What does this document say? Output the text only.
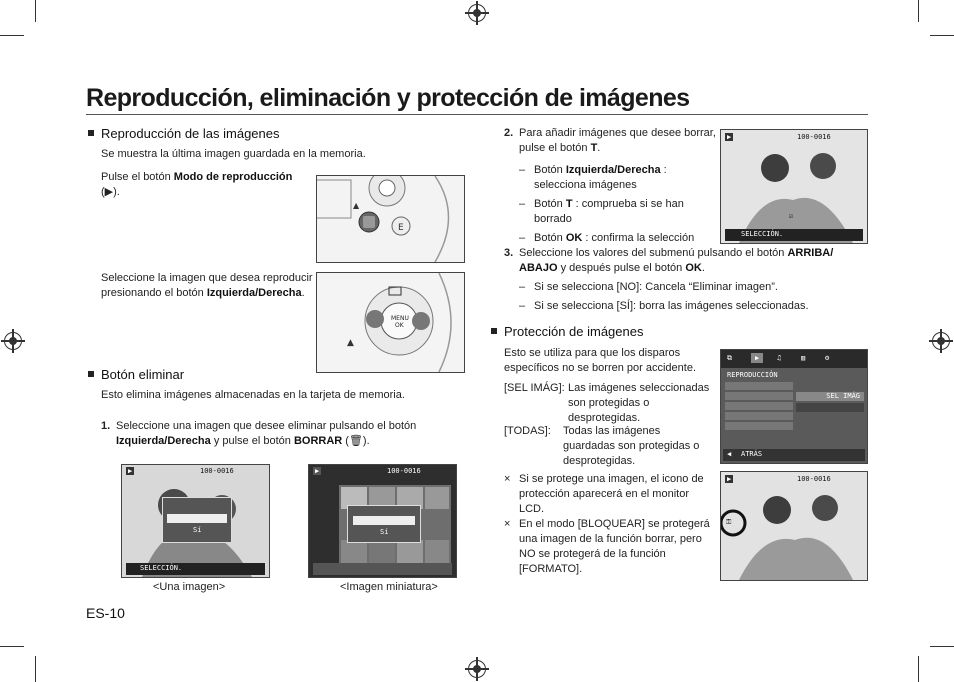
Reproducción, eliminación y protección de imágenes
Reproducción de las imágenes
Se muestra la última imagen guardada en la memoria.
Pulse el botón Modo de reproducción
(▶).
E
▲
Seleccione la imagen que desea reproducir presionando el botón Izquierda/Derecha.
MENU
OK
▲
Botón eliminar
Esto elimina imágenes almacenadas en la tarjeta de memoria.
1. Seleccione una imagen que desee eliminar pulsando el botón Izquierda/Derecha y pulse el botón BORRAR (🗑).
▶	100-0016
Sí
SELECCIÓN.
<Una imagen>
▶	100-0016
Sí
<Imagen miniatura>
ES-10
2. Para añadir imágenes que desee borrar, pulse el botón T.
– Botón Izquierda/Derecha : selecciona imágenes
– Botón T : comprueba si se han borrado
– Botón OK : confirma la selección
▶	100-0016
☑
SELECCIÓN.
3. Seleccione los valores del submenú pulsando el botón ARRIBA/ ABAJO y después pulse el botón OK.
– Si se selecciona [NO]: Cancela “Eliminar imagen”.
– Si se selecciona [SÍ]: borra las imágenes seleccionadas.
Protección de imágenes
Esto se utiliza para que los disparos específicos no se borren por accidente.
[SEL IMÁG]: Las imágenes seleccionadas son protegidas o desprotegidas.
[TODAS]: Todas las imágenes guardadas son protegidas o desprotegidas.
⧉	▶	♫	▥	⚙
REPRODUCCIÓN
SEL IMÁG
◀ ATRÁS
× Si se protege una imagen, el icono de protección aparecerá en el monitor LCD.
× En el modo [BLOQUEAR] se protegerá una imagen de la función borrar, pero NO se protegerá de la función [FORMATO].
▶	100-0016
⚿
